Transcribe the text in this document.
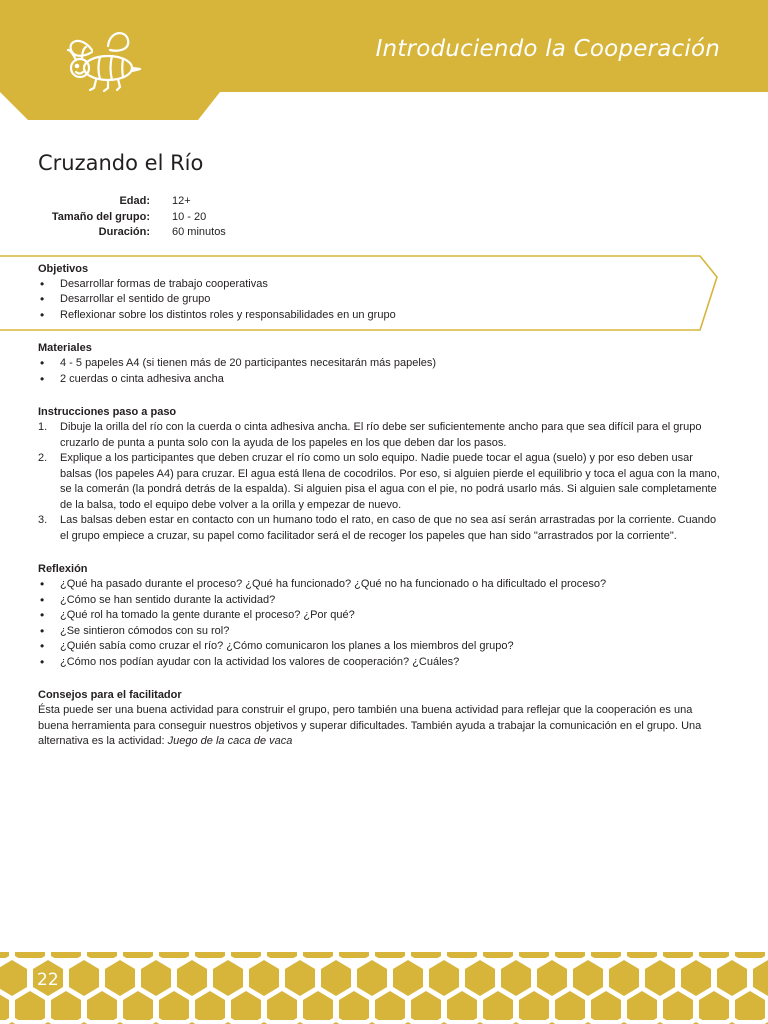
Introduciendo la Cooperación
Cruzando el Río
Edad: 12+
Tamaño del grupo: 10 - 20
Duración: 60 minutos
Objetivos
• Desarrollar formas de trabajo cooperativas
• Desarrollar el sentido de grupo
• Reflexionar sobre los distintos roles y responsabilidades en un grupo
Materiales
• 4 - 5 papeles A4 (si tienen más de 20 participantes necesitarán más papeles)
• 2 cuerdas o cinta adhesiva ancha
Instrucciones paso a paso
1. Dibuje la orilla del río con la cuerda o cinta adhesiva ancha. El río debe ser suficientemente ancho para que sea difícil para el grupo cruzarlo de punta a punta solo con la ayuda de los papeles en los que deben dar los pasos.
2. Explique a los participantes que deben cruzar el río como un solo equipo. Nadie puede tocar el agua (suelo) y por eso deben usar balsas (los papeles A4) para cruzar. El agua está llena de cocodrilos. Por eso, si alguien pierde el equilibrio y toca el agua con la mano, se la comerán (la pondrá detrás de la espalda). Si alguien pisa el agua con el pie, no podrá usarlo más. Si alguien sale completamente de la balsa, todo el equipo debe volver a la orilla y empezar de nuevo.
3. Las balsas deben estar en contacto con un humano todo el rato, en caso de que no sea así serán arrastradas por la corriente. Cuando el grupo empiece a cruzar, su papel como facilitador será el de recoger los papeles que han sido "arrastrados por la corriente".
Reflexión
• ¿Qué ha pasado durante el proceso? ¿Qué ha funcionado? ¿Qué no ha funcionado o ha dificultado el proceso?
• ¿Cómo se han sentido durante la actividad?
• ¿Qué rol ha tomado la gente durante el proceso? ¿Por qué?
• ¿Se sintieron cómodos con su rol?
• ¿Quién sabía como cruzar el río? ¿Cómo comunicaron los planes a los miembros del grupo?
• ¿Cómo nos podían ayudar con la actividad los valores de cooperación? ¿Cuáles?
Consejos para el facilitador

Ésta puede ser una buena actividad para construir el grupo, pero también una buena actividad para reflejar que la cooperación es una buena herramienta para conseguir nuestros objetivos y superar dificultades. También ayuda a trabajar la comunicación en el grupo. Una alternativa es la actividad: Juego de la caca de vaca

22
